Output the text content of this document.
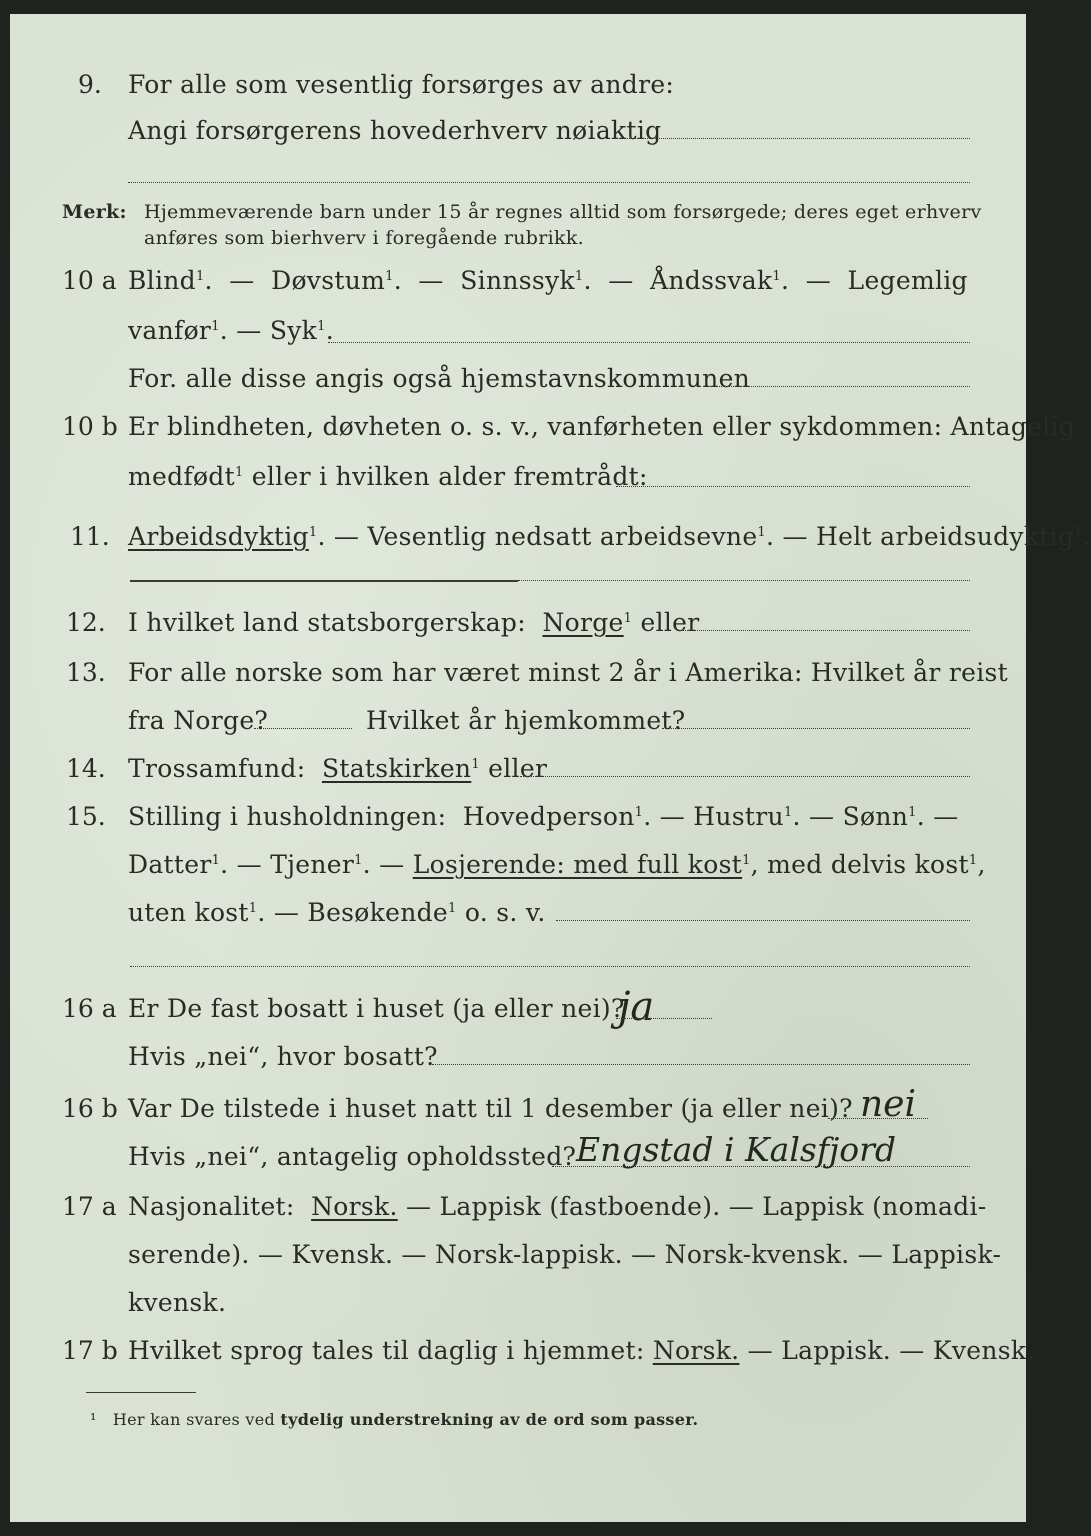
9. For alle som vesentlig forsørges av andre:
Angi forsørgerens hovederhverv nøiaktig
Merk: Hjemmeværende barn under 15 år regnes alltid som forsørgede; deres eget erhverv
anføres som bierhverv i foregående rubrikk.
10 a Blind$^1$.  —  Døvstum$^1$.  —  Sinnssyk$^1$.  —  Åndssvak$^1$.  —  Legemlig
vanfør$^1$. — Syk$^1$.
For. alle disse angis også hjemstavnskommunen
10 b Er blindheten, døvheten o. s. v., vanførheten eller sykdommen: Antagelig
medfødt$^1$ eller i hvilken alder fremtrådt:
11. Arbeidsdyktig$^1$. — Vesentlig nedsatt arbeidsevne$^1$. — Helt arbeidsudyktig$^1$.
12. I hvilket land statsborgerskap: Norge$^1$ eller
13. For alle norske som har været minst 2 år i Amerika: Hvilket år reist
fra Norge?	Hvilket år hjemkommet?
14. Trossamfund: Statskirken$^1$ eller
15. Stilling i husholdningen: Hovedperson$^1$. — Hustru$^1$. — Sønn$^1$. —
Datter$^1$. — Tjener$^1$. — Losjerende: med full kost$^1$, med delvis kost$^1$,
uten kost$^1$. — Besøkende$^1$ o. s. v.
16 a Er De fast bosatt i huset (ja eller nei)?
ja
Hvis „nei“, hvor bosatt?
16 b Var De tilstede i huset natt til 1 desember (ja eller nei)? nei
Hvis „nei“, antagelig opholdssted? Engstad i Kalsfjord
17 a Nasjonalitet: Norsk. — Lappisk (fastboende). — Lappisk (nomadi-
serende). — Kvensk. — Norsk-lappisk. — Norsk-kvensk. — Lappisk-
kvensk.
17 b Hvilket sprog tales til daglig i hjemmet: Norsk. — Lappisk. — Kvensk.
¹ Her kan svares ved tydelig understrekning av de ord som passer.
